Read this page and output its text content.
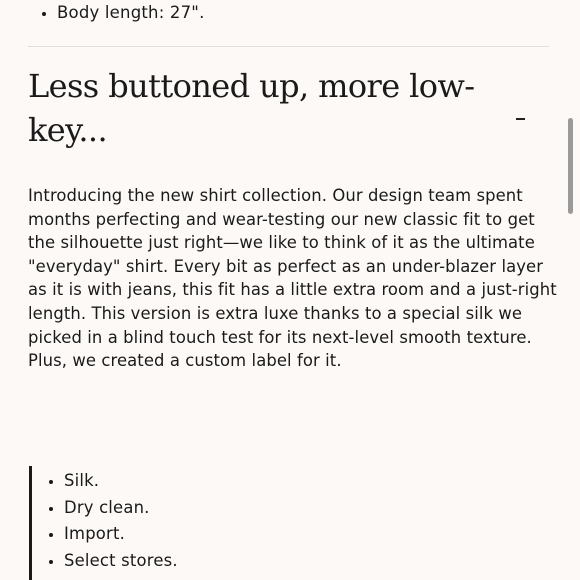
• Body length: 27".
Less buttoned up, more low-key...

Introducing the new shirt collection. Our design team spent months perfecting and wear-testing our new classic fit to get the silhouette just right—we like to think of it as the ultimate "everyday" shirt. Every bit as perfect as an under-blazer layer as it is with jeans, this fit has a little extra room and a just-right length. This version is extra luxe thanks to a special silk we picked in a blind touch test for its next-level smooth texture. Plus, we created a custom label for it.

• Silk.
• Dry clean.
• Import.
• Select stores.
